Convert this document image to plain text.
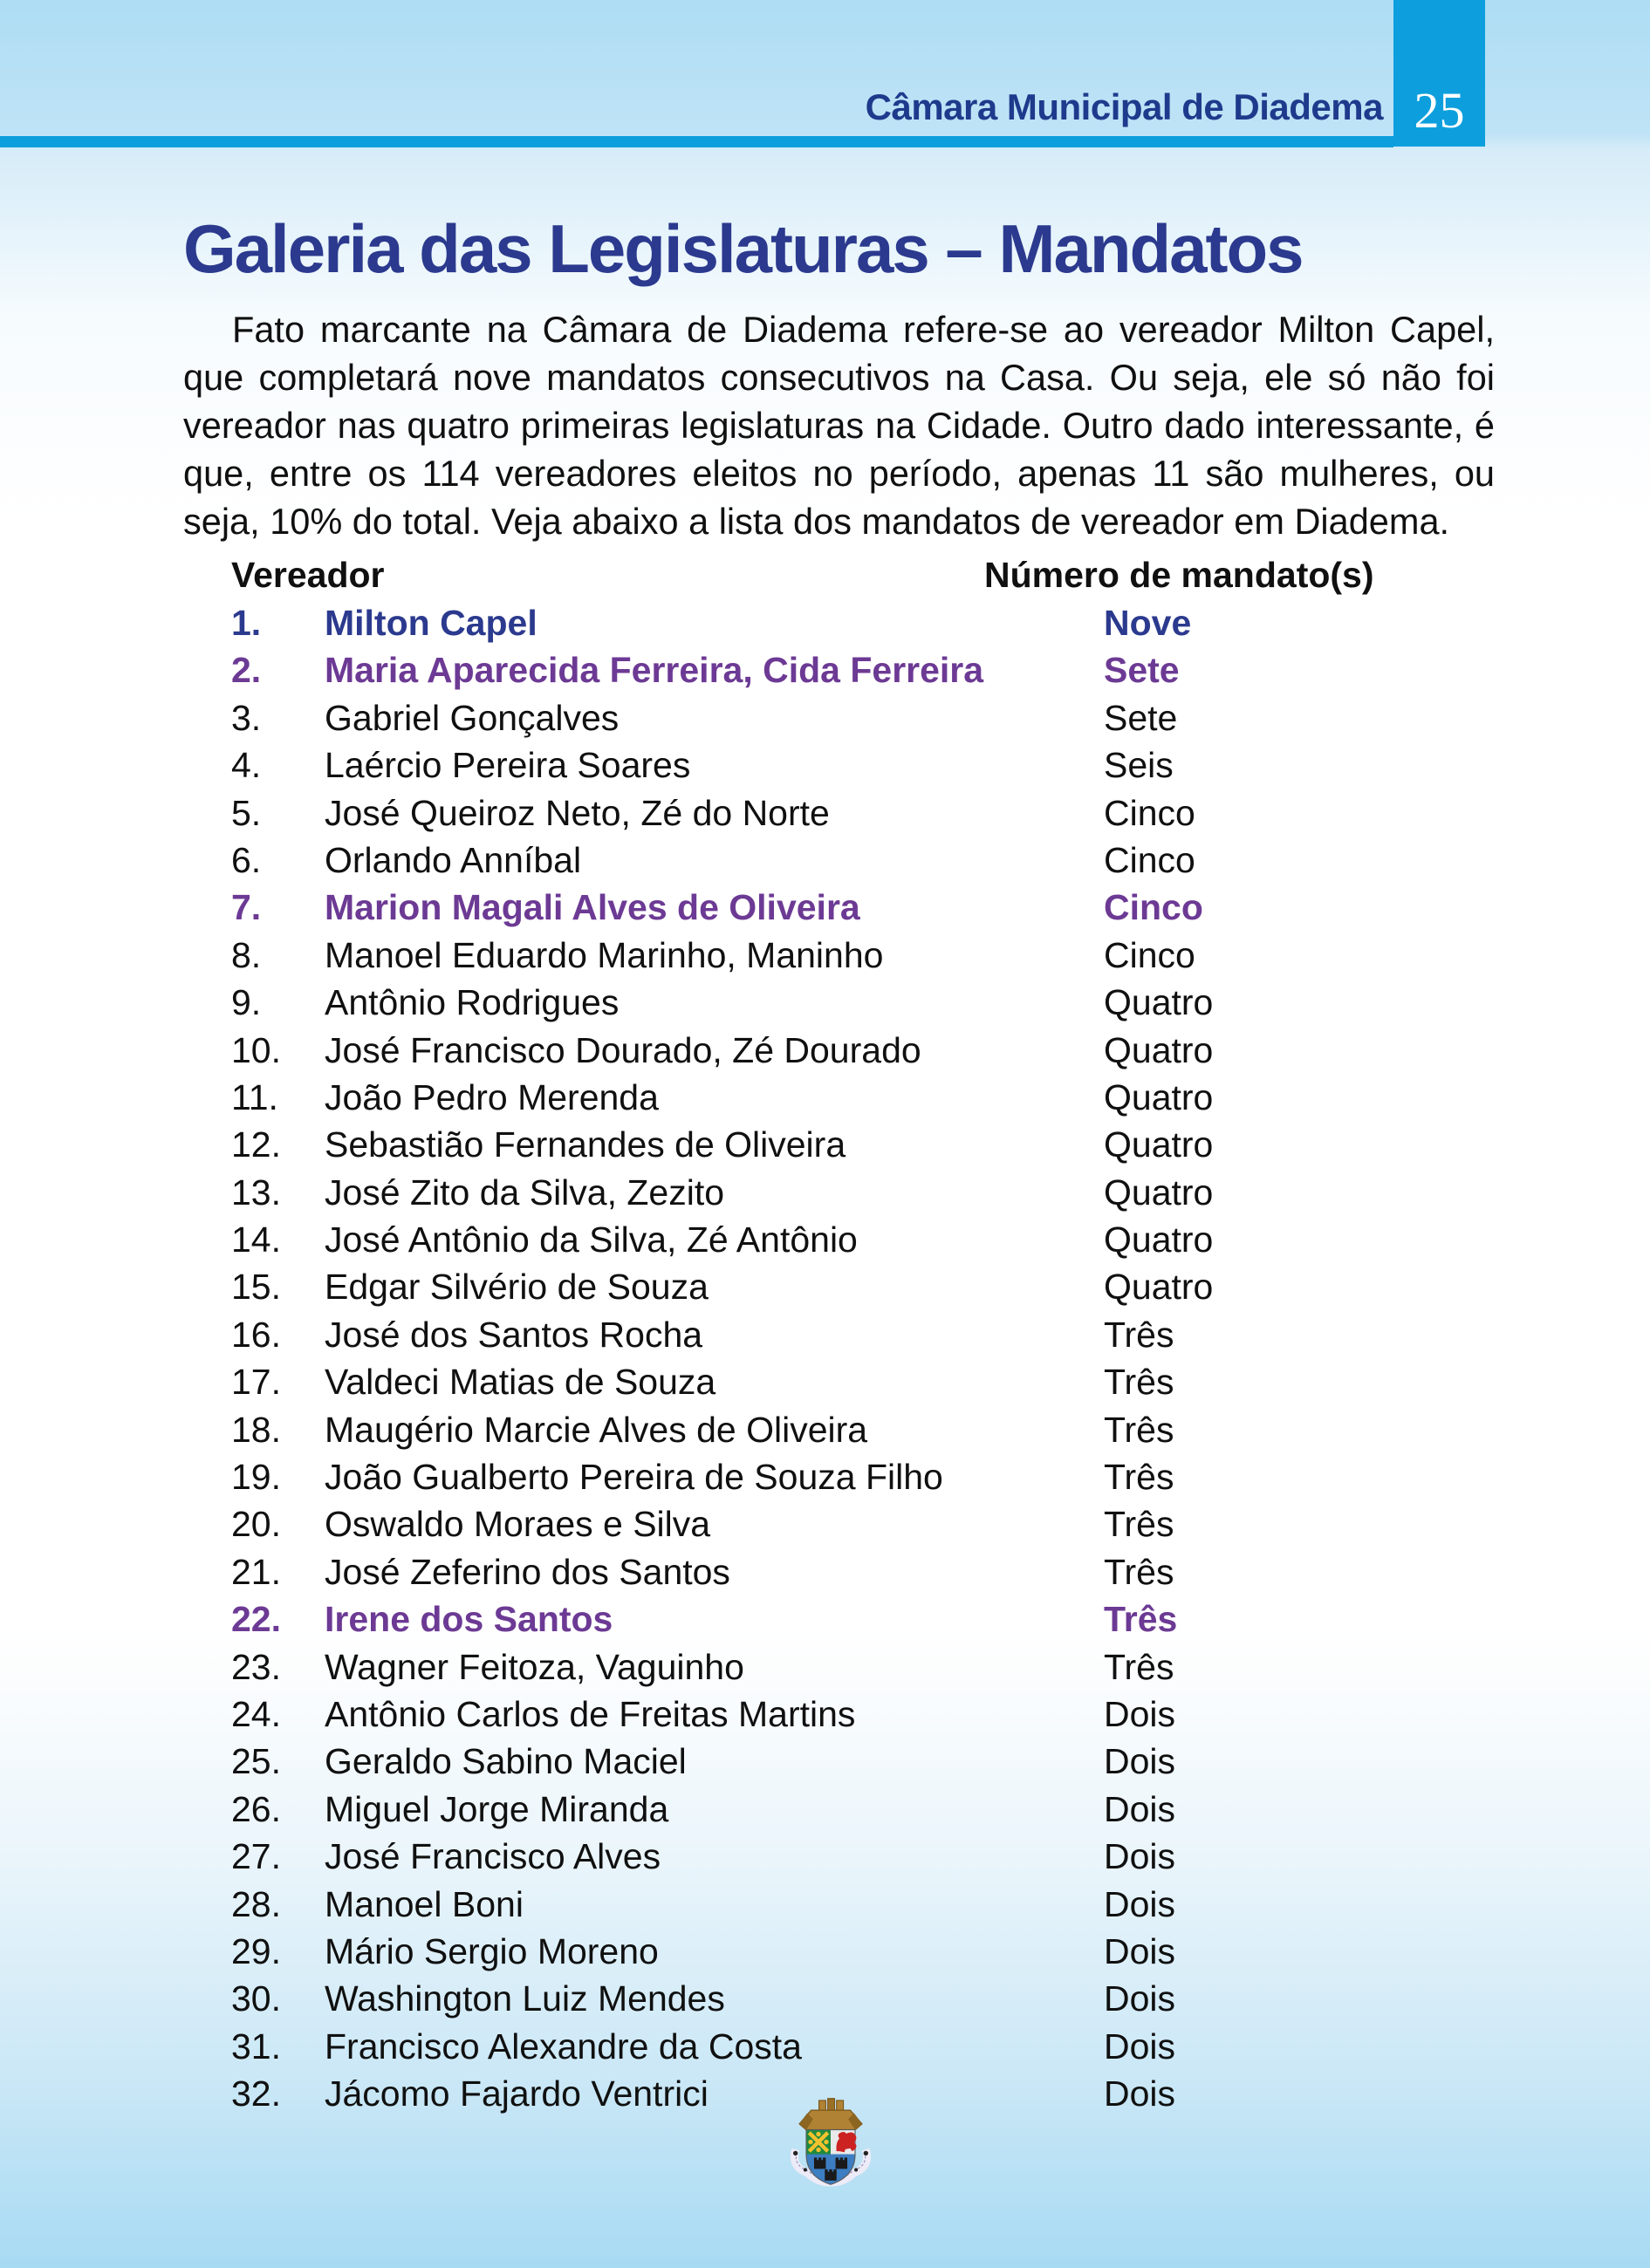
Câmara Municipal de Diadema 25
Galeria das Legislaturas – Mandatos

Fato marcante na Câmara de Diadema refere-se ao vereador Milton Capel, que completará nove mandatos consecutivos na Casa. Ou seja, ele só não foi vereador nas quatro primeiras legislaturas na Cidade. Outro dado interessante, é que, entre os 114 vereadores eleitos no período, apenas 11 são mulheres, ou seja, 10% do total. Veja abaixo a lista dos mandatos de vereador em Diadema.

Vereador	Número de mandato(s)
1. Milton Capel	Nove
2. Maria Aparecida Ferreira, Cida Ferreira	Sete
3. Gabriel Gonçalves	Sete
4. Laércio Pereira Soares	Seis
5. José Queiroz Neto, Zé do Norte	Cinco
6. Orlando Anníbal	Cinco
7. Marion Magali Alves de Oliveira	Cinco
8. Manoel Eduardo Marinho, Maninho	Cinco
9. Antônio Rodrigues	Quatro
10. José Francisco Dourado, Zé Dourado	Quatro
11. João Pedro Merenda	Quatro
12. Sebastião Fernandes de Oliveira	Quatro
13. José Zito da Silva, Zezito	Quatro
14. José Antônio da Silva, Zé Antônio	Quatro
15. Edgar Silvério de Souza	Quatro
16. José dos Santos Rocha	Três
17. Valdeci Matias de Souza	Três
18. Maugério Marcie Alves de Oliveira	Três
19. João Gualberto Pereira de Souza Filho	Três
20. Oswaldo Moraes e Silva	Três
21. José Zeferino dos Santos	Três
22. Irene dos Santos	Três
23. Wagner Feitoza, Vaguinho	Três
24. Antônio Carlos de Freitas Martins	Dois
25. Geraldo Sabino Maciel	Dois
26. Miguel Jorge Miranda	Dois
27. José Francisco Alves	Dois
28. Manoel Boni	Dois
29. Mário Sergio Moreno	Dois
30. Washington Luiz Mendes	Dois
31. Francisco Alexandre da Costa	Dois
32. Jácomo Fajardo Ventrici	Dois
